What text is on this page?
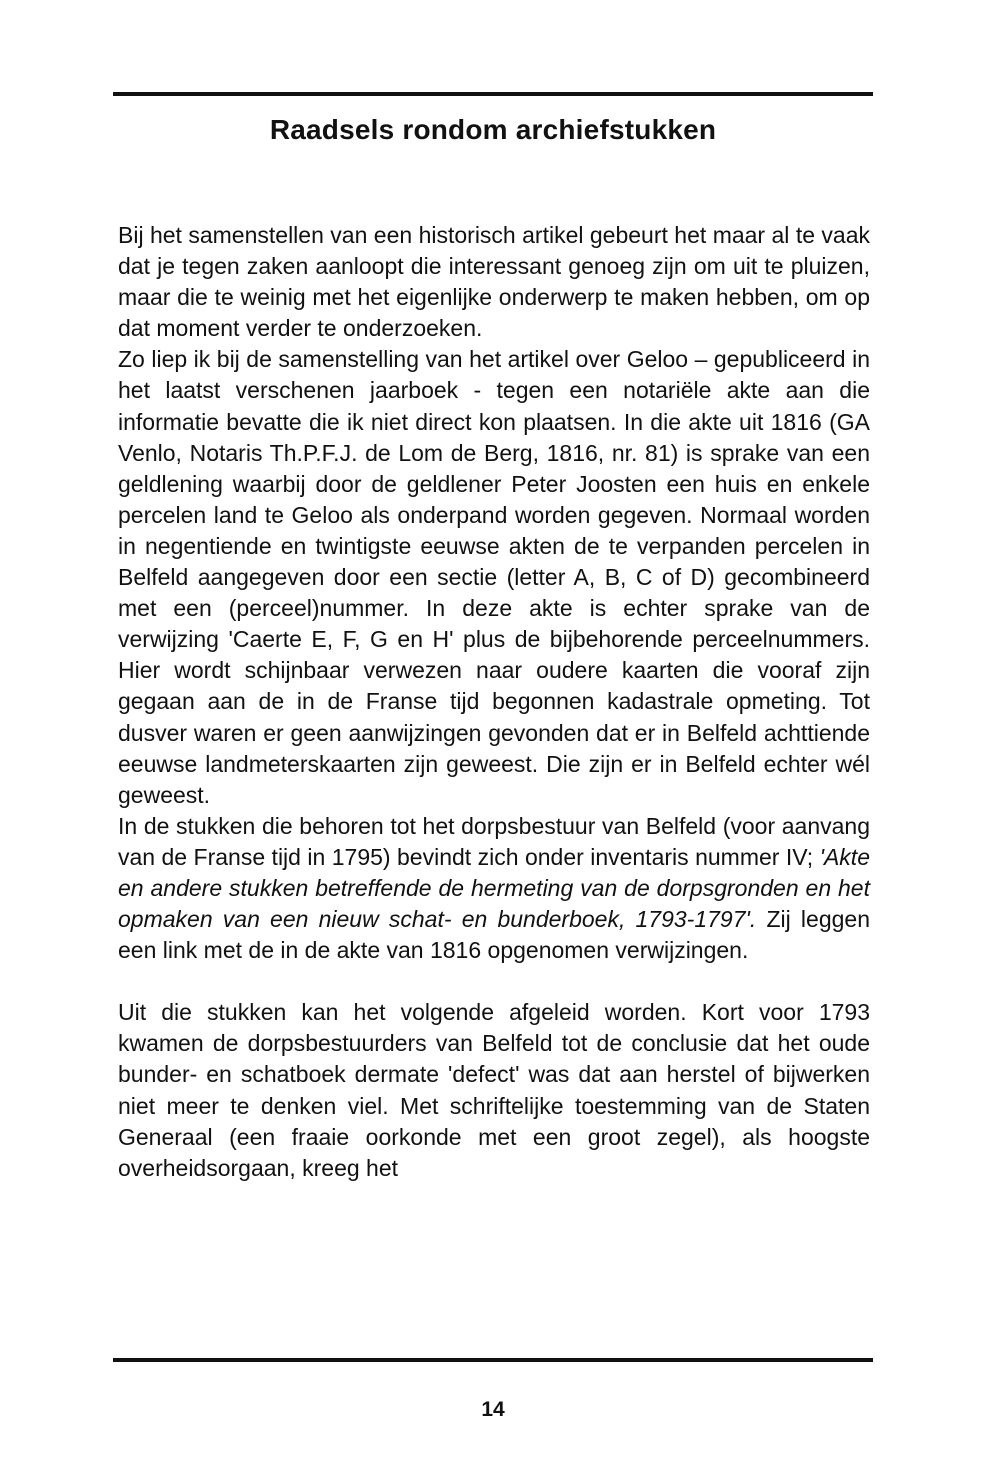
Raadsels rondom archiefstukken

Bij het samenstellen van een historisch artikel gebeurt het maar al te vaak dat je tegen zaken aanloopt die interessant genoeg zijn om uit te pluizen, maar die te weinig met het eigenlijke onderwerp te maken hebben, om op dat moment verder te onderzoeken.

Zo liep ik bij de samenstelling van het artikel over Geloo – gepubliceerd in het laatst verschenen jaarboek - tegen een notariële akte aan die informatie bevatte die ik niet direct kon plaatsen. In die akte uit 1816 (GA Venlo, Notaris Th.P.F.J. de Lom de Berg, 1816, nr. 81) is sprake van een geldlening waarbij door de geldlener Peter Joosten een huis en enkele percelen land te Geloo als onderpand worden gegeven. Normaal worden in negentiende en twintigste eeuwse akten de te verpanden percelen in Belfeld aangegeven door een sectie (letter A, B, C of D) gecombineerd met een (perceel)nummer. In deze akte is echter sprake van de verwijzing 'Caerte E, F, G en H' plus de bijbehorende perceelnummers. Hier wordt schijnbaar verwezen naar oudere kaarten die vooraf zijn gegaan aan de in de Franse tijd begonnen kadastrale opmeting. Tot dusver waren er geen aanwijzingen gevonden dat er in Belfeld achttiende eeuwse landmeterskaarten zijn geweest. Die zijn er in Belfeld echter wél geweest.

In de stukken die behoren tot het dorpsbestuur van Belfeld (voor aanvang van de Franse tijd in 1795) bevindt zich onder inventaris nummer IV; 'Akte en andere stukken betreffende de hermeting van de dorpsgronden en het opmaken van een nieuw schat- en bunderboek, 1793-1797'. Zij leggen een link met de in de akte van 1816 opgenomen verwijzingen.

Uit die stukken kan het volgende afgeleid worden. Kort voor 1793 kwamen de dorpsbestuurders van Belfeld tot de conclusie dat het oude bunder- en schatboek dermate 'defect' was dat aan herstel of bijwerken niet meer te denken viel. Met schriftelijke toestemming van de Staten Generaal (een fraaie oorkonde met een groot zegel), als hoogste overheidsorgaan, kreeg het

14
